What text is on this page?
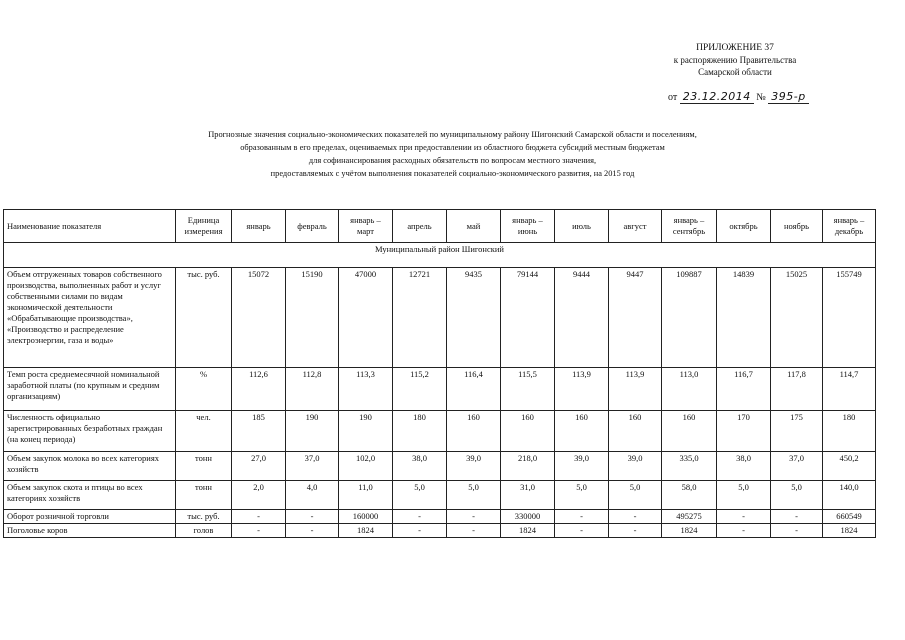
ПРИЛОЖЕНИЕ 37
к распоряжению Правительства
Самарской области
от 23.12.2014 № 395-р
Прогнозные значения социально-экономических показателей по муниципальному району Шигонский Самарской области и поселениям,
образованным в его пределах, оцениваемых при предоставлении из областного бюджета субсидий местным бюджетам
для софинансирования расходных обязательств по вопросам местного значения,
предоставляемых с учётом выполнения показателей социально-экономического развития, на 2015 год
Наименование показателя	Единица измерения	январь	февраль	январь – март	апрель	май	январь – июнь	июль	август	январь – сентябрь	октябрь	ноябрь	январь – декабрь
Муниципальный район Шигонский													
Объем отгруженных товаров собственного производства, выполненных работ и услуг собственными силами по видам экономической деятельности «Обрабатывающие производства», «Производство и распределение электроэнергии, газа и воды»	тыс. руб.	15072	15190	47000	12721	9435	79144	9444	9447	109887	14839	15025	155749
Темп роста среднемесячной номинальной заработной платы (по крупным и средним организациям)	%	112,6	112,8	113,3	115,2	116,4	115,5	113,9	113,9	113,0	116,7	117,8	114,7
Численность официально зарегистрированных безработных граждан (на конец периода)	чел.	185	190	190	180	160	160	160	160	160	170	175	180
Объем закупок молока во всех категориях хозяйств	тонн	27,0	37,0	102,0	38,0	39,0	218,0	39,0	39,0	335,0	38,0	37,0	450,2
Объем закупок скота и птицы во всех категориях хозяйств	тонн	2,0	4,0	11,0	5,0	5,0	31,0	5,0	5,0	58,0	5,0	5,0	140,0
Оборот розничной торговли	тыс. руб.	-	-	160000	-	-	330000	-	-	495275	-	-	660549
Поголовье коров	голов	-	-	1824	-	-	1824	-	-	1824	-	-	1824
